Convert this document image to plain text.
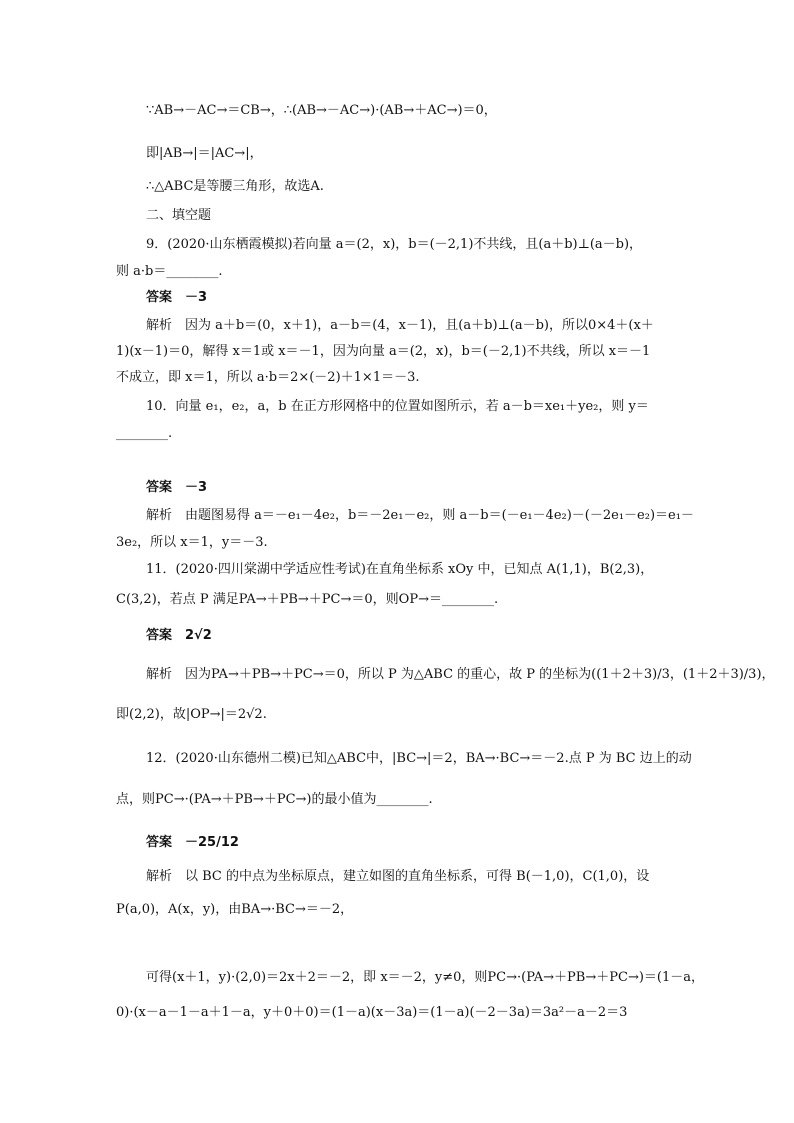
∵AB→－AC→＝CB→，∴(AB→－AC→)·(AB→＋AC→)＝0，
即|AB→|＝|AC→|，
∴△ABC是等腰三角形，故选A.
二、填空题
9．(2020·山东栖霞模拟)若向量 a＝(2，x)，b＝(－2,1)不共线，且(a＋b)⊥(a－b)，
则 a·b＝________.
答案　－3
解析　因为 a＋b＝(0，x＋1)，a－b＝(4，x－1)，且(a＋b)⊥(a－b)，所以0×4＋(x＋
1)(x－1)＝0，解得 x＝1或 x＝－1，因为向量 a＝(2，x)，b＝(－2,1)不共线，所以 x＝－1
不成立，即 x＝1，所以 a·b＝2×(－2)＋1×1＝－3.
10．向量 e₁，e₂，a，b 在正方形网格中的位置如图所示，若 a－b＝xe₁＋ye₂，则 y＝
________.
答案　－3
解析　由题图易得 a＝－e₁－4e₂，b＝－2e₁－e₂，则 a－b＝(－e₁－4e₂)－(－2e₁－e₂)＝e₁－
3e₂，所以 x＝1，y＝－3.
11．(2020·四川棠湖中学适应性考试)在直角坐标系 xOy 中，已知点 A(1,1)，B(2,3)，
C(3,2)，若点 P 满足PA→＋PB→＋PC→＝0，则OP→＝________.
答案　2√2
解析　因为PA→＋PB→＋PC→＝0，所以 P 为△ABC 的重心，故 P 的坐标为((1＋2＋3)/3，(1＋2＋3)/3)，
即(2,2)，故|OP→|＝2√2.
12．(2020·山东德州二模)已知△ABC中，|BC→|＝2，BA→·BC→＝－2.点 P 为 BC 边上的动
点，则PC→·(PA→＋PB→＋PC→)的最小值为________.
答案　－25/12
解析　以 BC 的中点为坐标原点，建立如图的直角坐标系，可得 B(－1,0)，C(1,0)，设
P(a,0)，A(x，y)，由BA→·BC→＝－2，
可得(x＋1，y)·(2,0)＝2x＋2＝－2，即 x＝－2，y≠0，则PC→·(PA→＋PB→＋PC→)＝(1－a，
0)·(x－a－1－a＋1－a，y＋0＋0)＝(1－a)(x－3a)＝(1－a)(－2－3a)＝3a²－a－2＝3
